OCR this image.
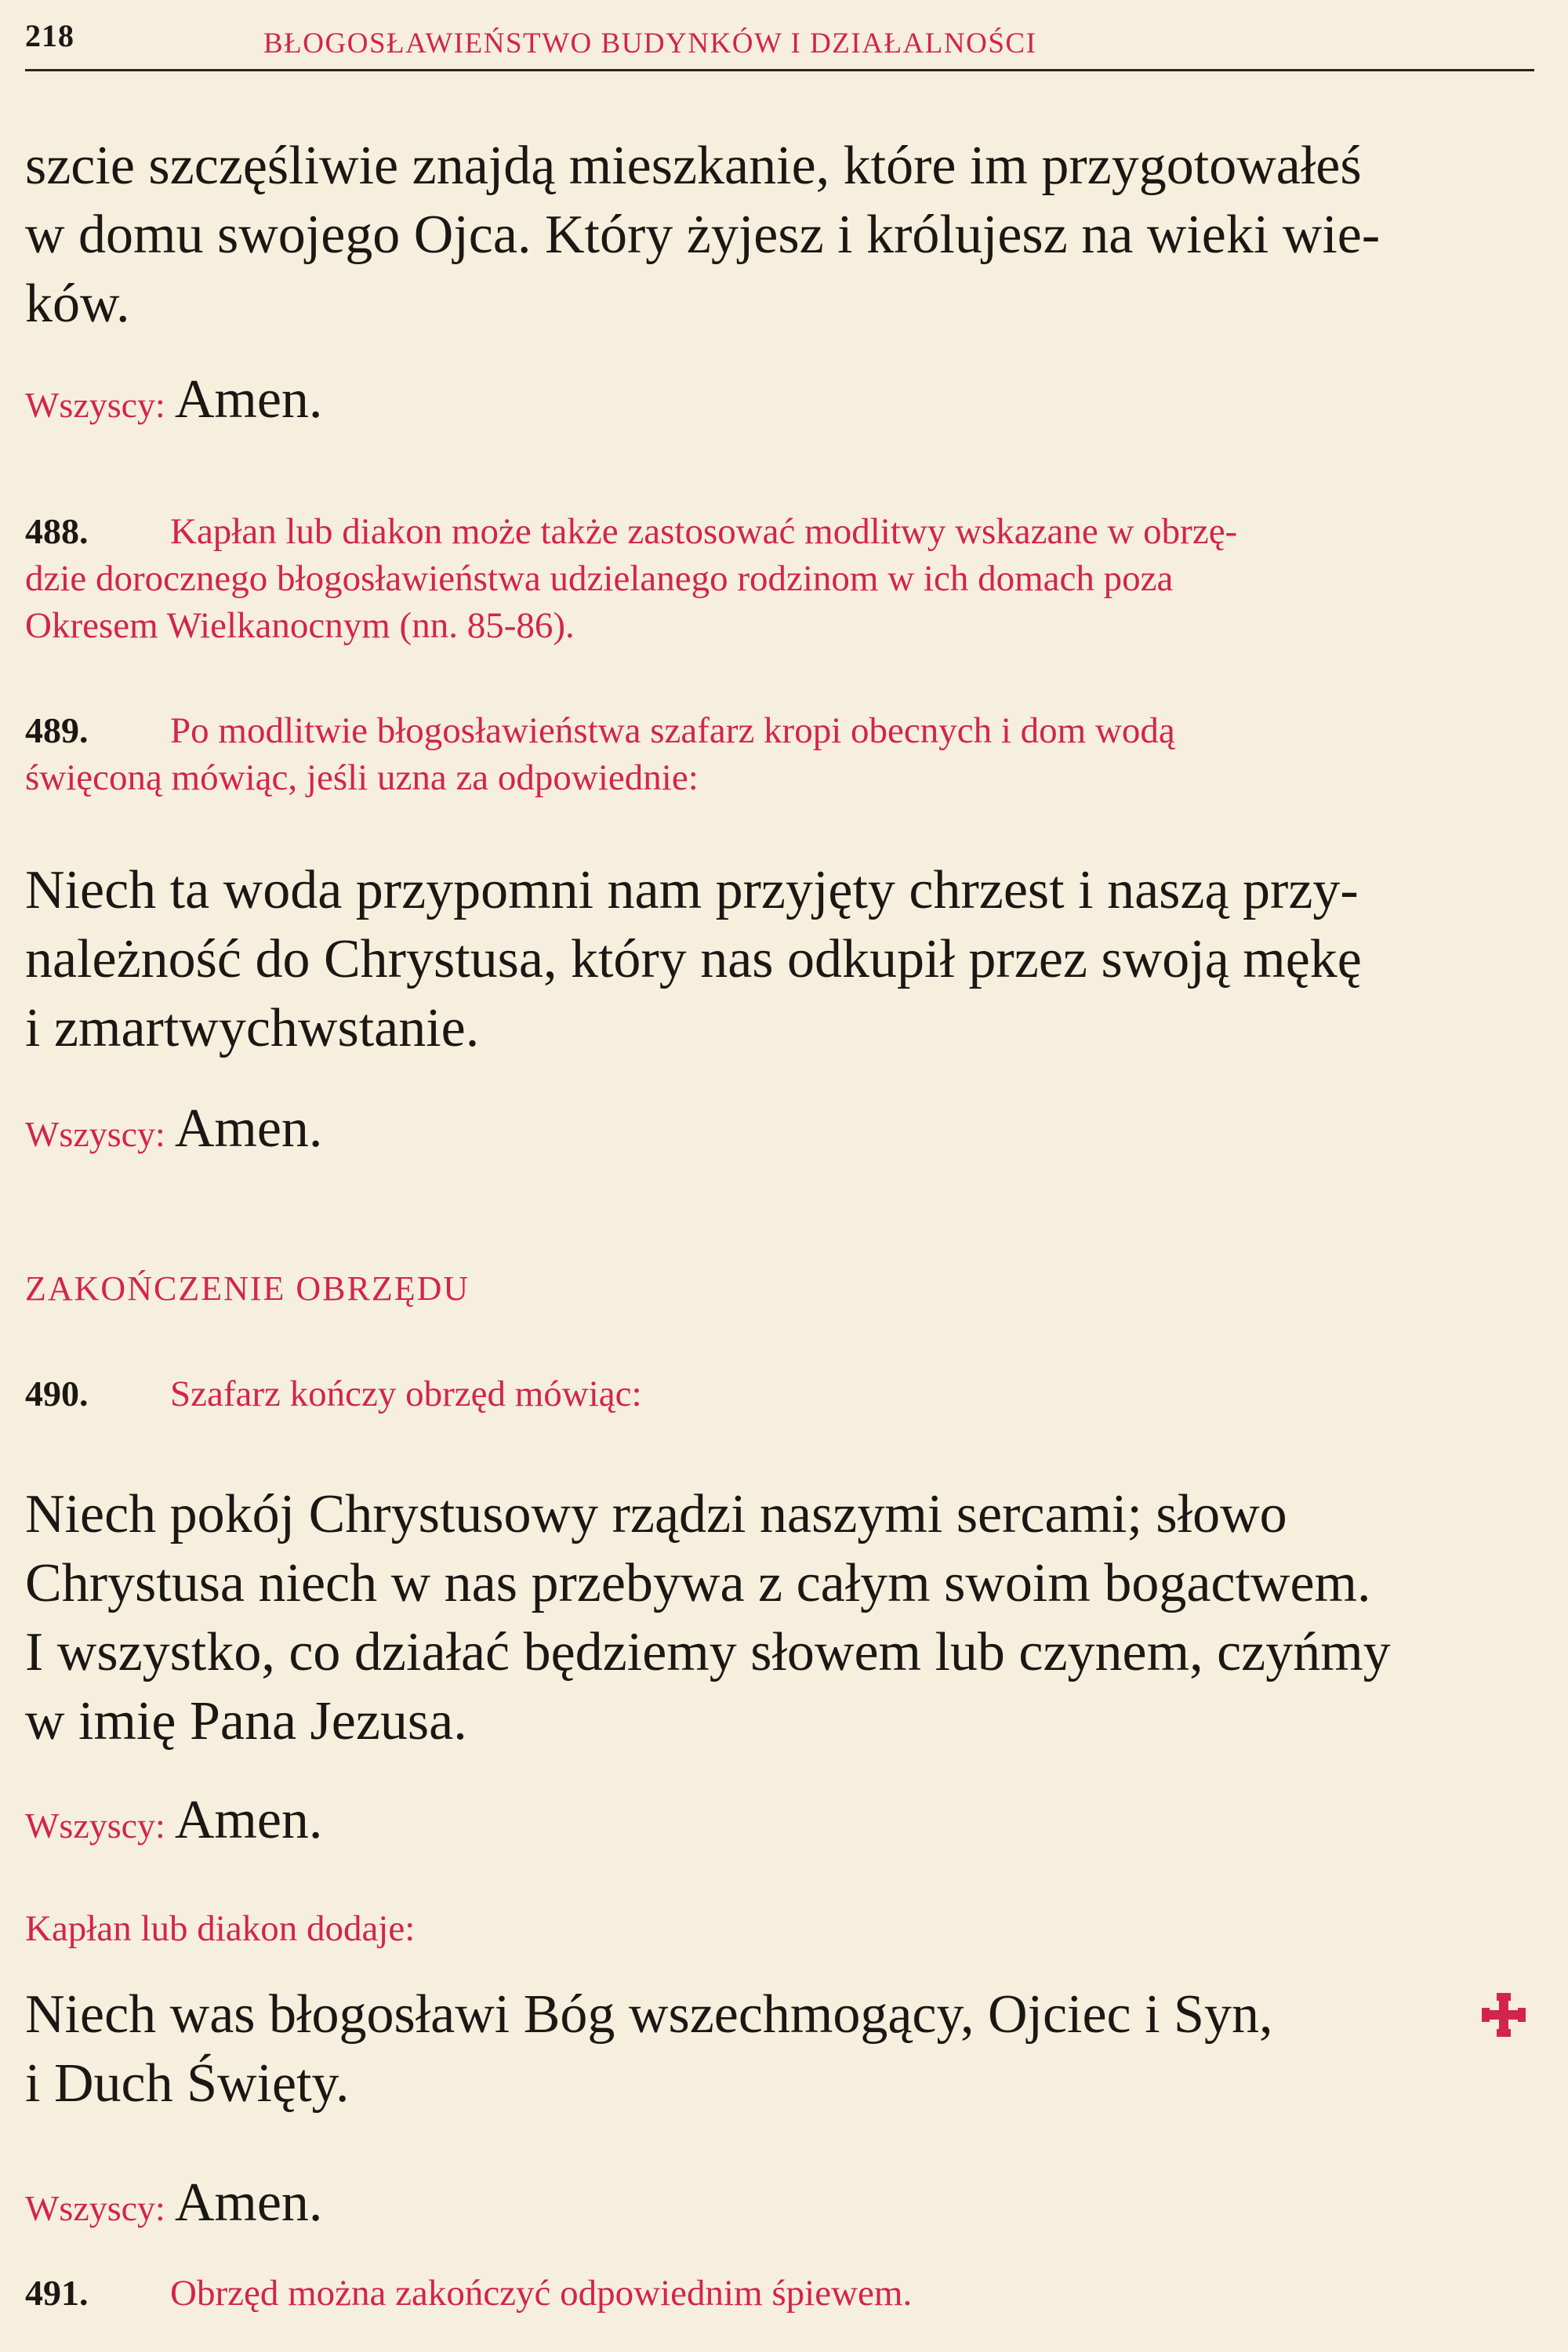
218	BŁOGOSŁAWIEŃSTWO BUDYNKÓW I DZIAŁALNOŚCI
szcie szczęśliwie znajdą mieszkanie, które im przygotowałeś
w domu swojego Ojca. Który żyjesz i królujesz na wieki wie-
ków.
Wszyscy: Amen.
488. Kapłan lub diakon może także zastosować modlitwy wskazane w obrzę-
dzie dorocznego błogosławieństwa udzielanego rodzinom w ich domach poza
Okresem Wielkanocnym (nn. 85-86).
489. Po modlitwie błogosławieństwa szafarz kropi obecnych i dom wodą
święconą mówiąc, jeśli uzna za odpowiednie:
Niech ta woda przypomni nam przyjęty chrzest i naszą przy-
należność do Chrystusa, który nas odkupił przez swoją mękę
i zmartwychwstanie.
Wszyscy: Amen.
ZAKOŃCZENIE OBRZĘDU
490. Szafarz kończy obrzęd mówiąc:
Niech pokój Chrystusowy rządzi naszymi sercami; słowo
Chrystusa niech w nas przebywa z całym swoim bogactwem.
I wszystko, co działać będziemy słowem lub czynem, czyńmy
w imię Pana Jezusa.
Wszyscy: Amen.
Kapłan lub diakon dodaje:
Niech was błogosławi Bóg wszechmogący, Ojciec i Syn,
i Duch Święty.
Wszyscy: Amen.
491. Obrzęd można zakończyć odpowiednim śpiewem.
